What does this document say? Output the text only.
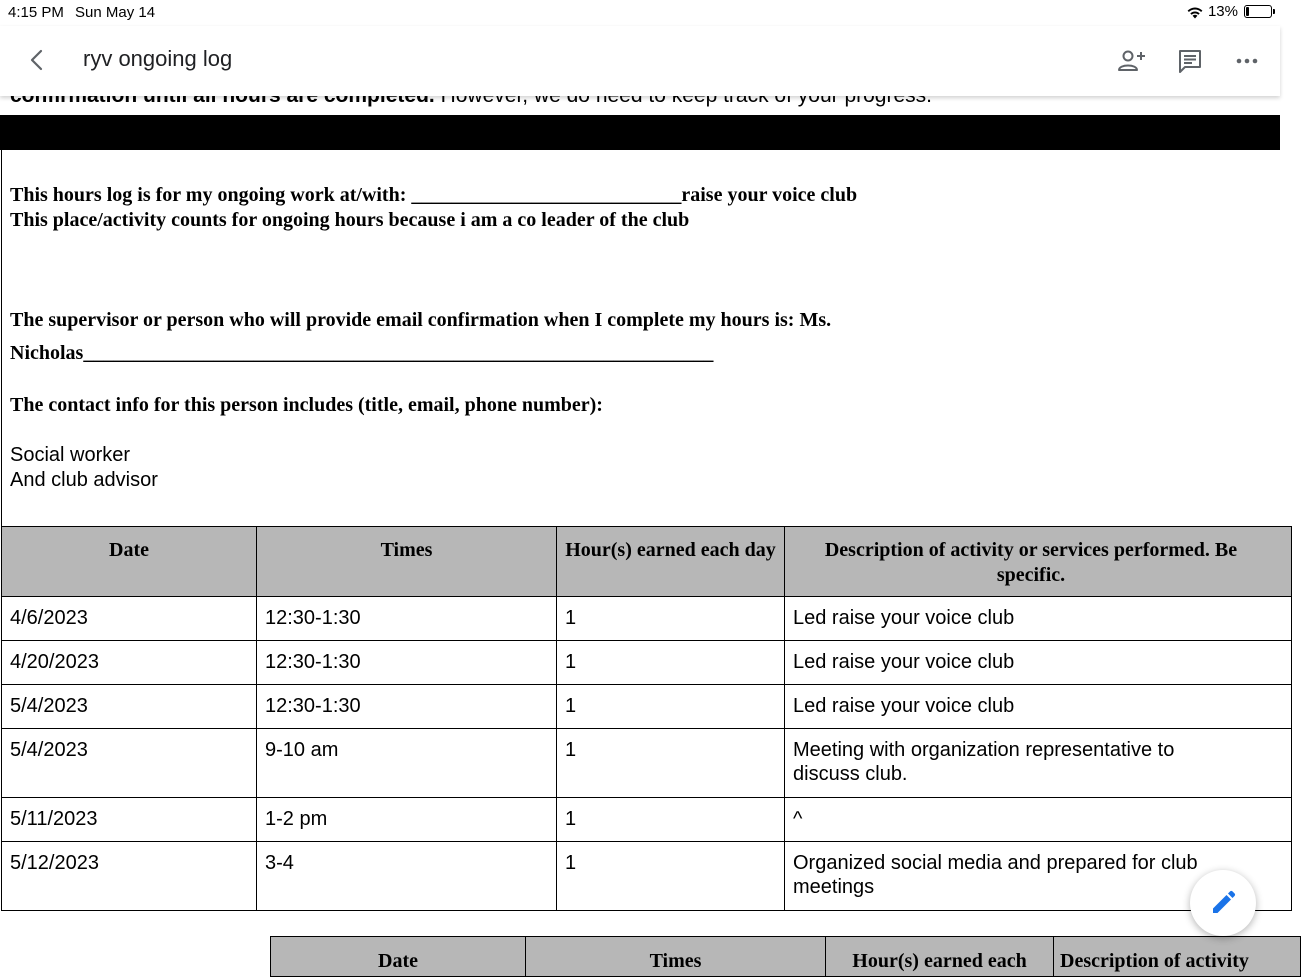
4:15 PM Sun May 14	13%
ryv ongoing log
This hours log is for my ongoing work at/with: ___________________________raise your voice club
This place/activity counts for ongoing hours because i am a co leader of the club
The supervisor or person who will provide email confirmation when I complete my hours is: Ms.
Nicholas_______________________________________________________________
The contact info for this person includes (title, email, phone number):
Social worker
And club advisor
Date	Times	Hour(s) earned each day	Description of activity or services performed. Be specific.
4/6/2023	12:30-1:30	1	Led raise your voice club
4/20/2023	12:30-1:30	1	Led raise your voice club
5/4/2023	12:30-1:30	1	Led raise your voice club
5/4/2023	9-10 am	1	Meeting with organization representative to discuss club.
5/11/2023	1-2 pm	1	^
5/12/2023	3-4	1	Organized social media and prepared for club meetings
Date	Times	Hour(s) earned each	Description of activity
